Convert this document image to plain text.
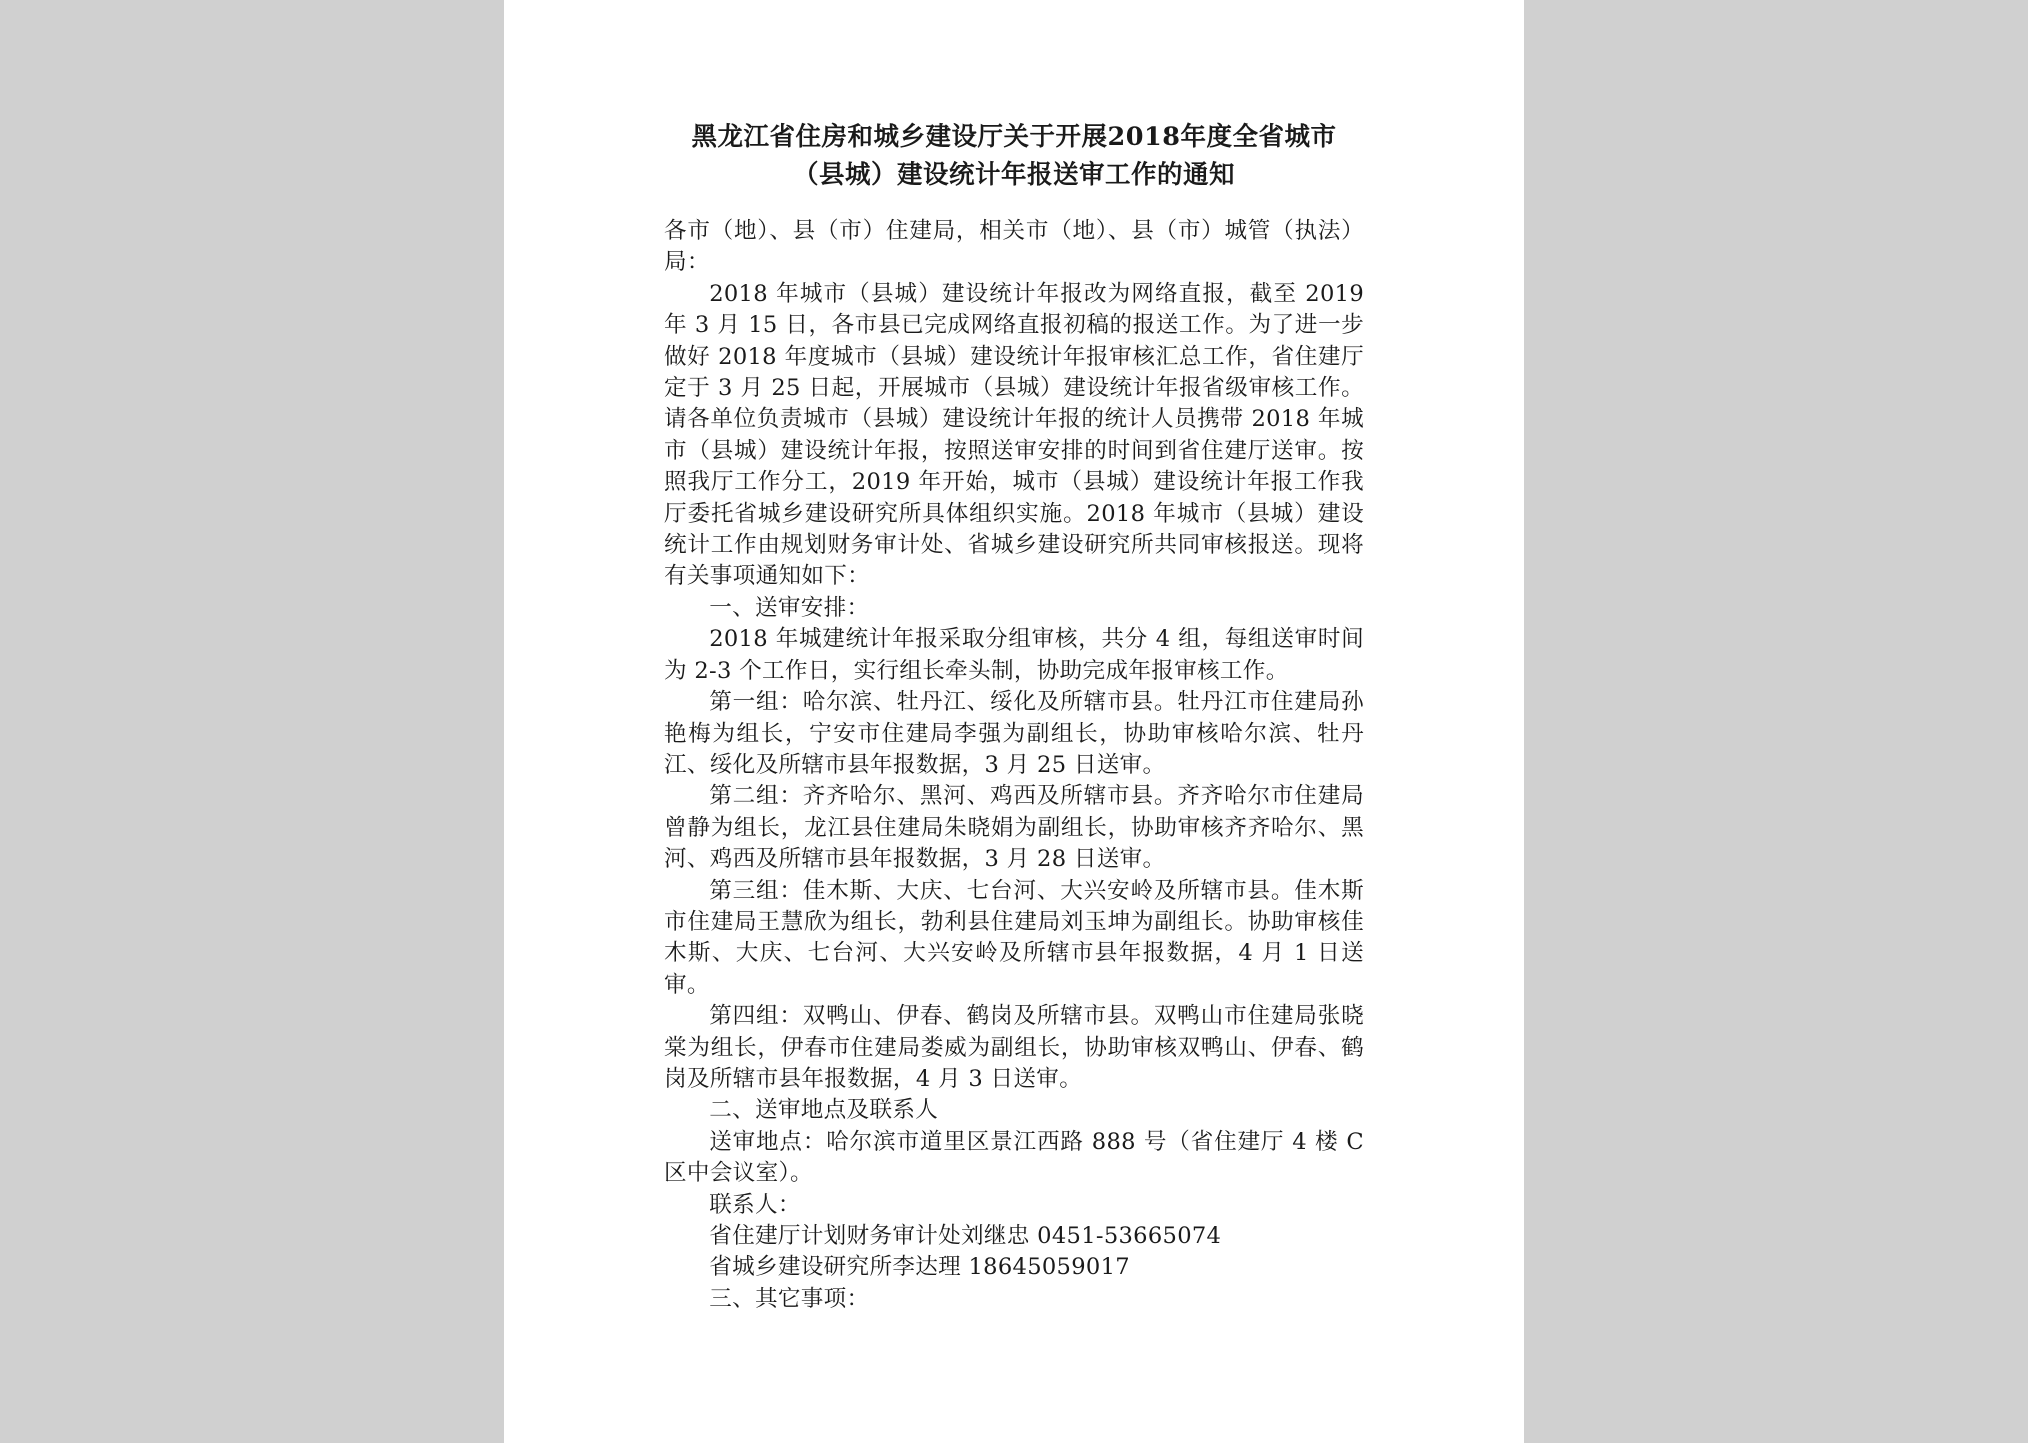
黑龙江省住房和城乡建设厅关于开展2018年度全省城市
（县城）建设统计年报送审工作的通知

各市（地）、县（市）住建局，相关市（地）、县（市）城管（执法）局：

2018 年城市（县城）建设统计年报改为网络直报，截至 2019 年 3 月 15 日，各市县已完成网络直报初稿的报送工作。为了进一步做好 2018 年度城市（县城）建设统计年报审核汇总工作，省住建厅定于 3 月 25 日起，开展城市（县城）建设统计年报省级审核工作。请各单位负责城市（县城）建设统计年报的统计人员携带 2018 年城市（县城）建设统计年报，按照送审安排的时间到省住建厅送审。按照我厅工作分工，2019 年开始，城市（县城）建设统计年报工作我厅委托省城乡建设研究所具体组织实施。2018 年城市（县城）建设统计工作由规划财务审计处、省城乡建设研究所共同审核报送。现将有关事项通知如下：

一、送审安排：

2018 年城建统计年报采取分组审核，共分 4 组，每组送审时间为 2-3 个工作日，实行组长牵头制，协助完成年报审核工作。

第一组：哈尔滨、牡丹江、绥化及所辖市县。牡丹江市住建局孙艳梅为组长，宁安市住建局李强为副组长，协助审核哈尔滨、牡丹江、绥化及所辖市县年报数据，3 月 25 日送审。

第二组：齐齐哈尔、黑河、鸡西及所辖市县。齐齐哈尔市住建局曾静为组长，龙江县住建局朱晓娟为副组长，协助审核齐齐哈尔、黑河、鸡西及所辖市县年报数据，3 月 28 日送审。

第三组：佳木斯、大庆、七台河、大兴安岭及所辖市县。佳木斯市住建局王慧欣为组长，勃利县住建局刘玉坤为副组长。协助审核佳木斯、大庆、七台河、大兴安岭及所辖市县年报数据，4 月 1 日送审。

第四组：双鸭山、伊春、鹤岗及所辖市县。双鸭山市住建局张晓棠为组长，伊春市住建局娄威为副组长，协助审核双鸭山、伊春、鹤岗及所辖市县年报数据，4 月 3 日送审。

二、送审地点及联系人

送审地点：哈尔滨市道里区景江西路 888 号（省住建厅 4 楼 C 区中会议室）。

联系人：

省住建厅计划财务审计处刘继忠 0451-53665074

省城乡建设研究所李达理 18645059017

三、其它事项：
